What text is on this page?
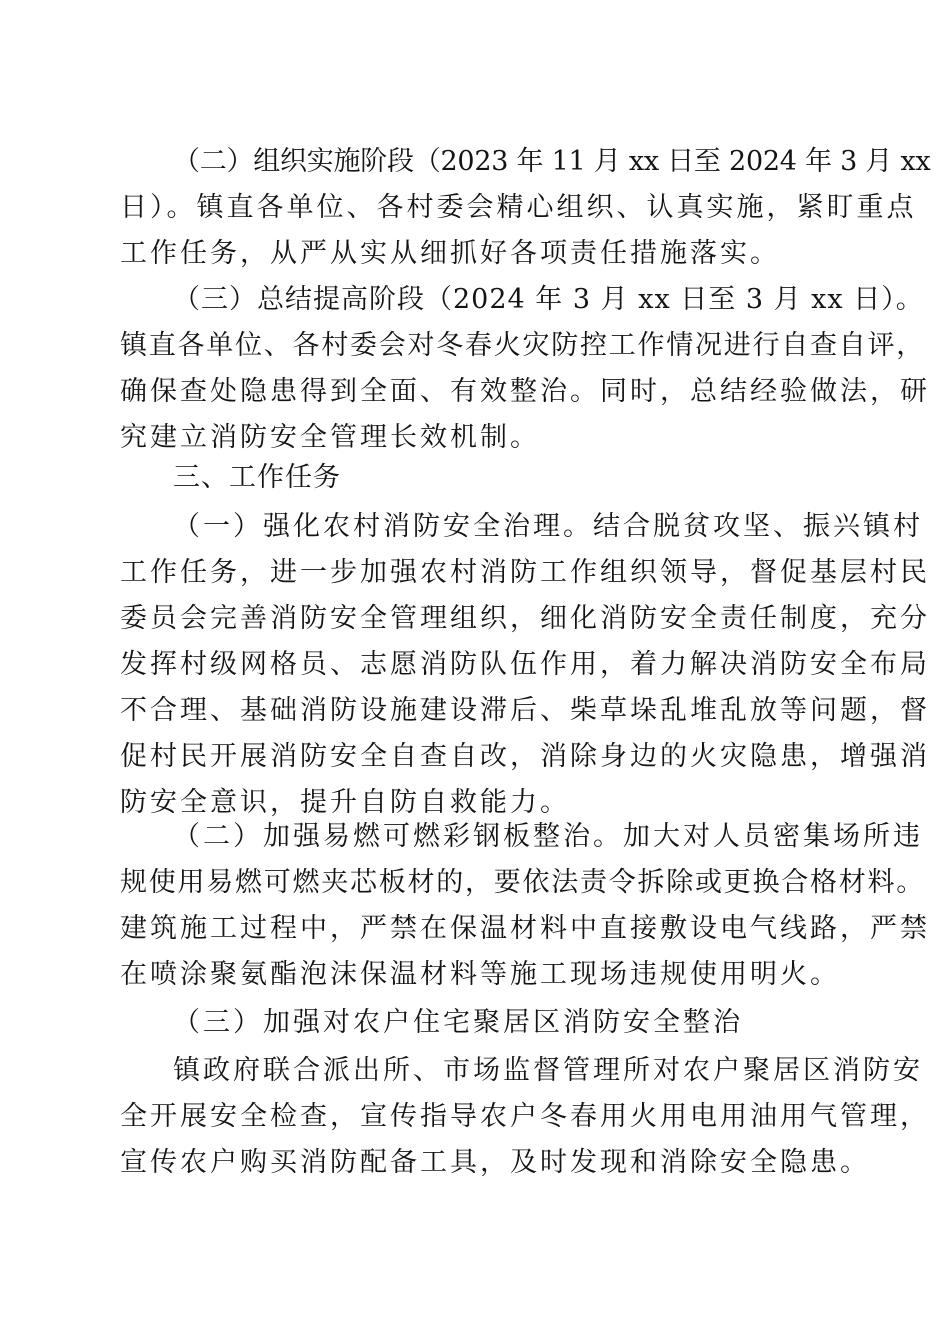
（二）组织实施阶段（2023 年 11 月 xx 日至 2024 年 3 月 xx
日）。镇直各单位、各村委会精心组织、认真实施，紧盯重点
工作任务，从严从实从细抓好各项责任措施落实。
（三）总结提高阶段（2024 年 3 月 xx 日至 3 月 xx 日）。
镇直各单位、各村委会对冬春火灾防控工作情况进行自查自评，
确保查处隐患得到全面、有效整治。同时，总结经验做法，研
究建立消防安全管理长效机制。
三、工作任务
（一）强化农村消防安全治理。结合脱贫攻坚、振兴镇村
工作任务，进一步加强农村消防工作组织领导，督促基层村民
委员会完善消防安全管理组织，细化消防安全责任制度，充分
发挥村级网格员、志愿消防队伍作用，着力解决消防安全布局
不合理、基础消防设施建设滞后、柴草垛乱堆乱放等问题，督
促村民开展消防安全自查自改，消除身边的火灾隐患，增强消
防安全意识，提升自防自救能力。
（二）加强易燃可燃彩钢板整治。加大对人员密集场所违
规使用易燃可燃夹芯板材的，要依法责令拆除或更换合格材料。
建筑施工过程中，严禁在保温材料中直接敷设电气线路，严禁
在喷涂聚氨酯泡沫保温材料等施工现场违规使用明火。
（三）加强对农户住宅聚居区消防安全整治
镇政府联合派出所、市场监督管理所对农户聚居区消防安
全开展安全检查，宣传指导农户冬春用火用电用油用气管理，
宣传农户购买消防配备工具，及时发现和消除安全隐患。
